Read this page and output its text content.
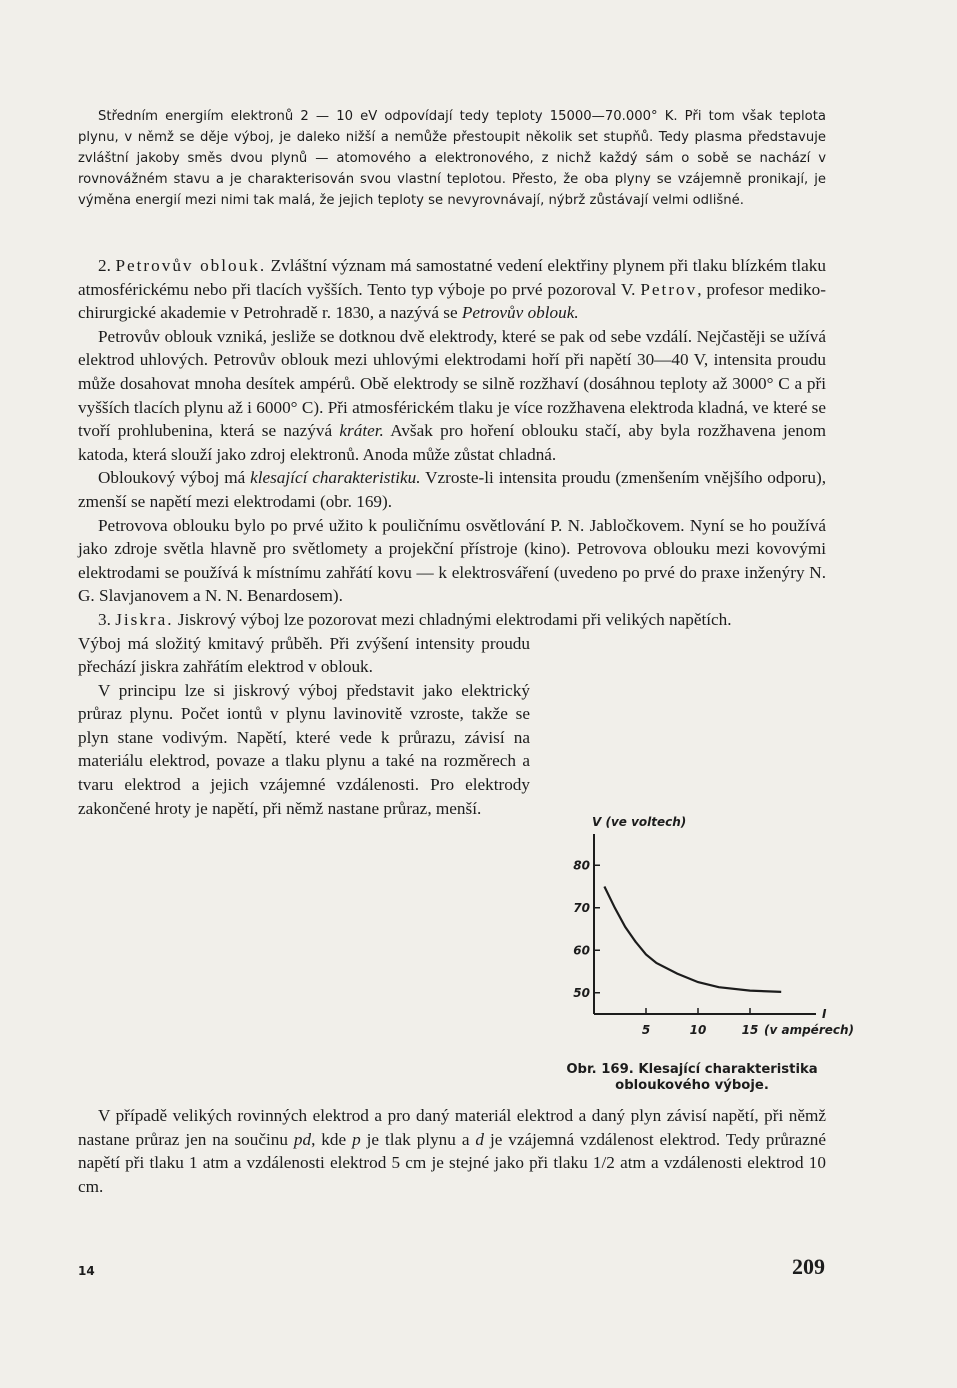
Středním energiím elektronů 2 — 10 eV odpovídají tedy teploty 15000—70.000° K. Při tom však teplota plynu, v němž se děje výboj, je daleko nižší a nemůže přestoupit několik set stupňů. Tedy plasma představuje zvláštní jakoby směs dvou plynů — atomového a elektronového, z nichž každý sám o sobě se nachází v rovnovážném stavu a je charakterisován svou vlastní teplotou. Přesto, že oba plyny se vzájemně pronikají, je výměna energií mezi nimi tak malá, že jejich teploty se nevyrovnávají, nýbrž zůstávají velmi odlišné.

2. Petrovův oblouk. Zvláštní význam má samostatné vedení elektřiny plynem při tlaku blízkém tlaku atmosférickému nebo při tlacích vyšších. Tento typ výboje po prvé pozoroval V. Petrov, profesor mediko-chirurgické akademie v Petrohradě r. 1830, a nazývá se Petrovův oblouk.

Petrovův oblouk vzniká, jesliže se dotknou dvě elektrody, které se pak od sebe vzdálí. Nejčastěji se užívá elektrod uhlových. Petrovův oblouk mezi uhlovými elektrodami hoří při napětí 30—40 V, intensita proudu může dosahovat mnoha desítek ampérů. Obě elektrody se silně rozžhaví (dosáhnou teploty až 3000° C a při vyšších tlacích plynu až i 6000° C). Při atmosférickém tlaku je více rozžhavena elektroda kladná, ve které se tvoří prohlubenina, která se nazývá kráter. Avšak pro hoření oblouku stačí, aby byla rozžhavena jenom katoda, která slouží jako zdroj elektronů. Anoda může zůstat chladná.

Obloukový výboj má klesající charakteristiku. Vzroste-li intensita proudu (zmenšením vnějšího odporu), zmenší se napětí mezi elektrodami (obr. 169).

Petrovova oblouku bylo po prvé užito k pouličnímu osvětlování P. N. Jabločkovem. Nyní se ho používá jako zdroje světla hlavně pro světlomety a projekční přístroje (kino). Petrovova oblouku mezi kovovými elektrodami se používá k místnímu zahřátí kovu — k elektrosváření (uvedeno po prvé do praxe inženýry N. G. Slavjanovem a N. N. Benardosem).

3. Jiskra. Jiskrový výboj lze pozorovat mezi chladnými elektrodami při velikých napětích.

Výboj má složitý kmitavý průběh. Při zvýšení intensity proudu přechází jiskra zahřátím elektrod v oblouk.

V principu lze si jiskrový výboj představit jako elektrický průraz plynu. Počet iontů v plynu lavinovitě vzroste, takže se plyn stane vodivým. Napětí, které vede k průrazu, závisí na materiálu elektrod, povaze a tlaku plynu a také na rozměrech a tvaru elektrod a jejich vzájemné vzdálenosti. Pro elektrody zakončené hroty je napětí, při němž nastane průraz, menší.

V (ve voltech)
50
60
70
80
5	10	15
I
(v ampérech)
Obr. 169. Klesající charakteristika
obloukového výboje.

V případě velikých rovinných elektrod a pro daný materiál elektrod a daný plyn závisí napětí, při němž nastane průraz jen na součinu pd, kde p je tlak plynu a d je vzájemná vzdálenost elektrod. Tedy průrazné napětí při tlaku 1 atm a vzdálenosti elektrod 5 cm je stejné jako při tlaku 1/2 atm a vzdálenosti elektrod 10 cm.

14	209
